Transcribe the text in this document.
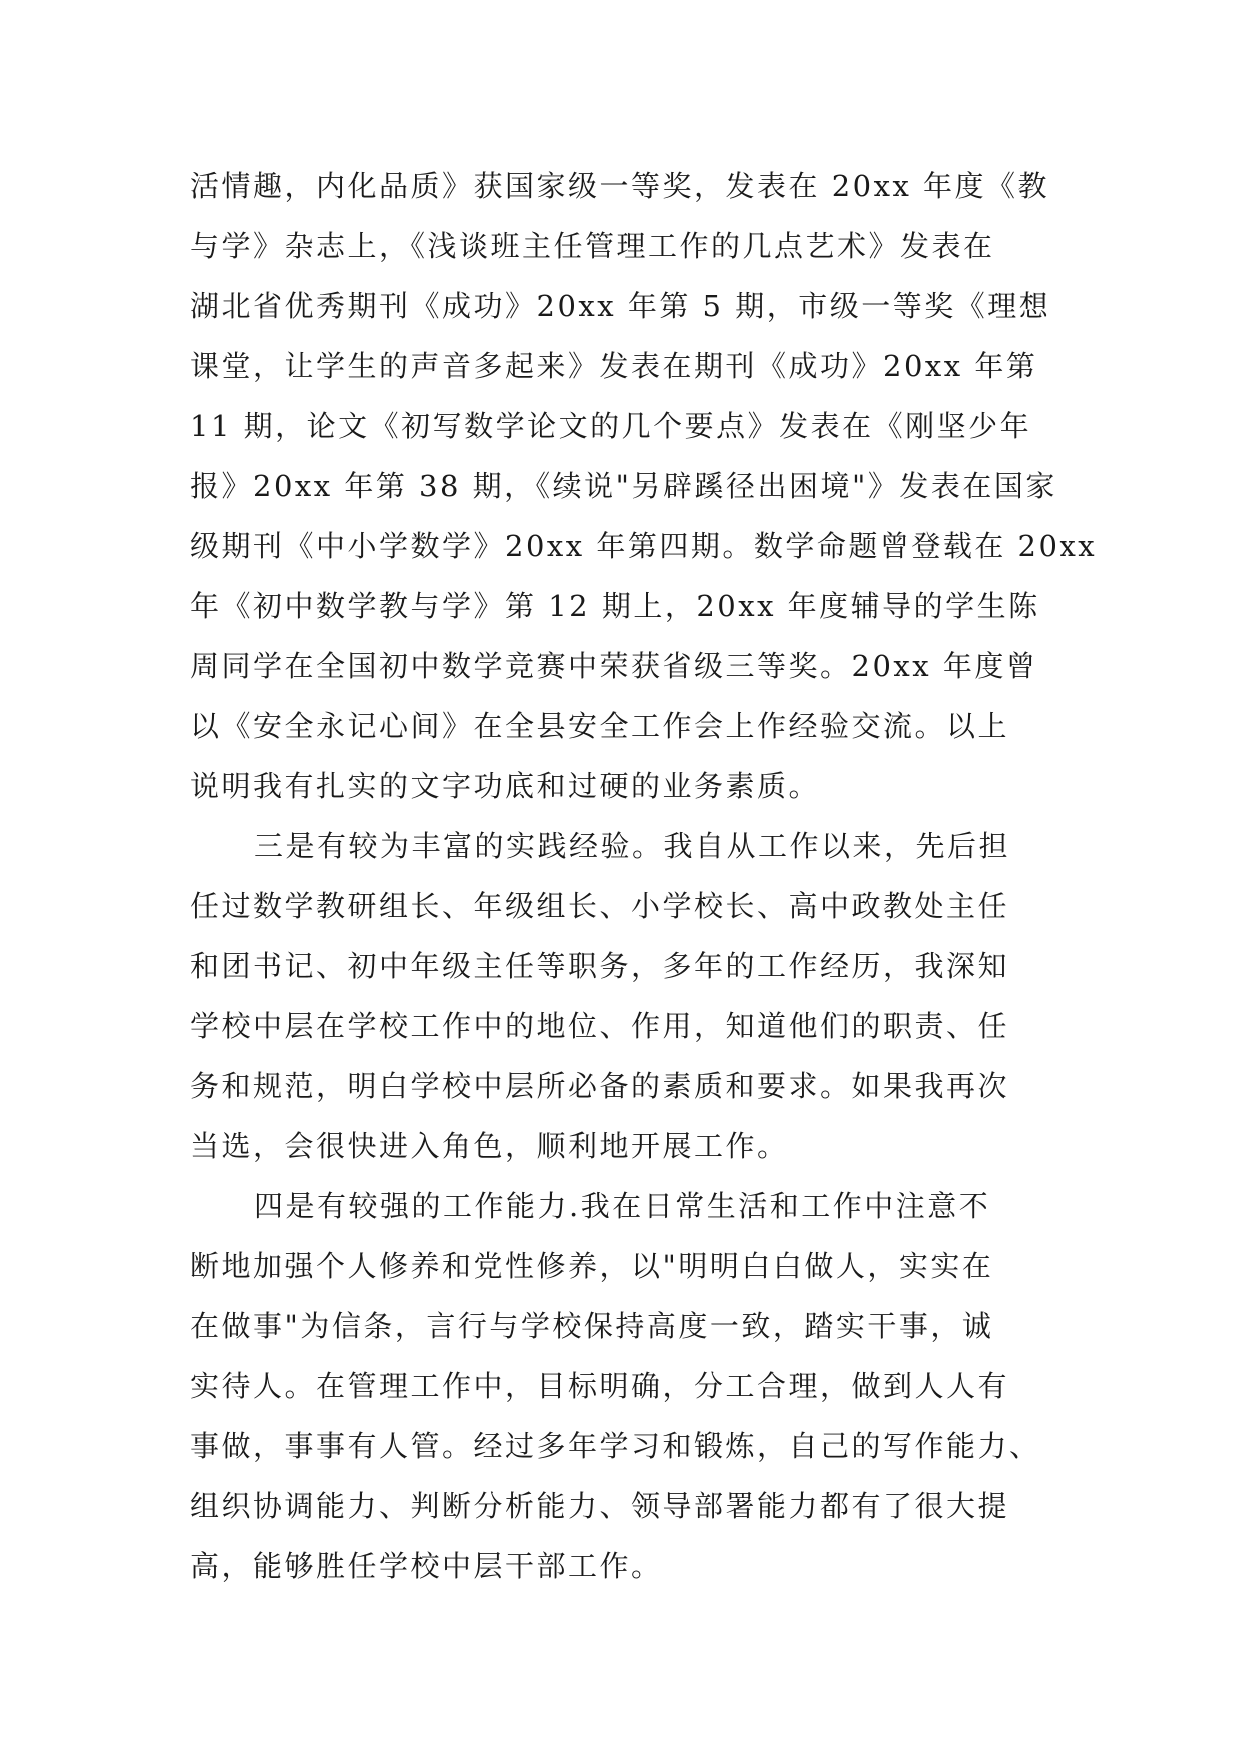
活情趣，内化品质》获国家级一等奖，发表在 20xx 年度《教
与学》杂志上，《浅谈班主任管理工作的几点艺术》发表在
湖北省优秀期刊《成功》20xx 年第 5 期，市级一等奖《理想
课堂，让学生的声音多起来》发表在期刊《成功》20xx 年第
11 期，论文《初写数学论文的几个要点》发表在《刚坚少年
报》20xx 年第 38 期，《续说"另辟蹊径出困境"》发表在国家
级期刊《中小学数学》20xx 年第四期。数学命题曾登载在 20xx
年《初中数学教与学》第 12 期上，20xx 年度辅导的学生陈
周同学在全国初中数学竞赛中荣获省级三等奖。20xx 年度曾
以《安全永记心间》在全县安全工作会上作经验交流。以上
说明我有扎实的文字功底和过硬的业务素质。
三是有较为丰富的实践经验。我自从工作以来，先后担
任过数学教研组长、年级组长、小学校长、高中政教处主任
和团书记、初中年级主任等职务，多年的工作经历，我深知
学校中层在学校工作中的地位、作用，知道他们的职责、任
务和规范，明白学校中层所必备的素质和要求。如果我再次
当选，会很快进入角色，顺利地开展工作。
四是有较强的工作能力.我在日常生活和工作中注意不
断地加强个人修养和党性修养，以"明明白白做人，实实在
在做事"为信条，言行与学校保持高度一致，踏实干事，诚
实待人。在管理工作中，目标明确，分工合理，做到人人有
事做，事事有人管。经过多年学习和锻炼，自己的写作能力、
组织协调能力、判断分析能力、领导部署能力都有了很大提
高，能够胜任学校中层干部工作。
